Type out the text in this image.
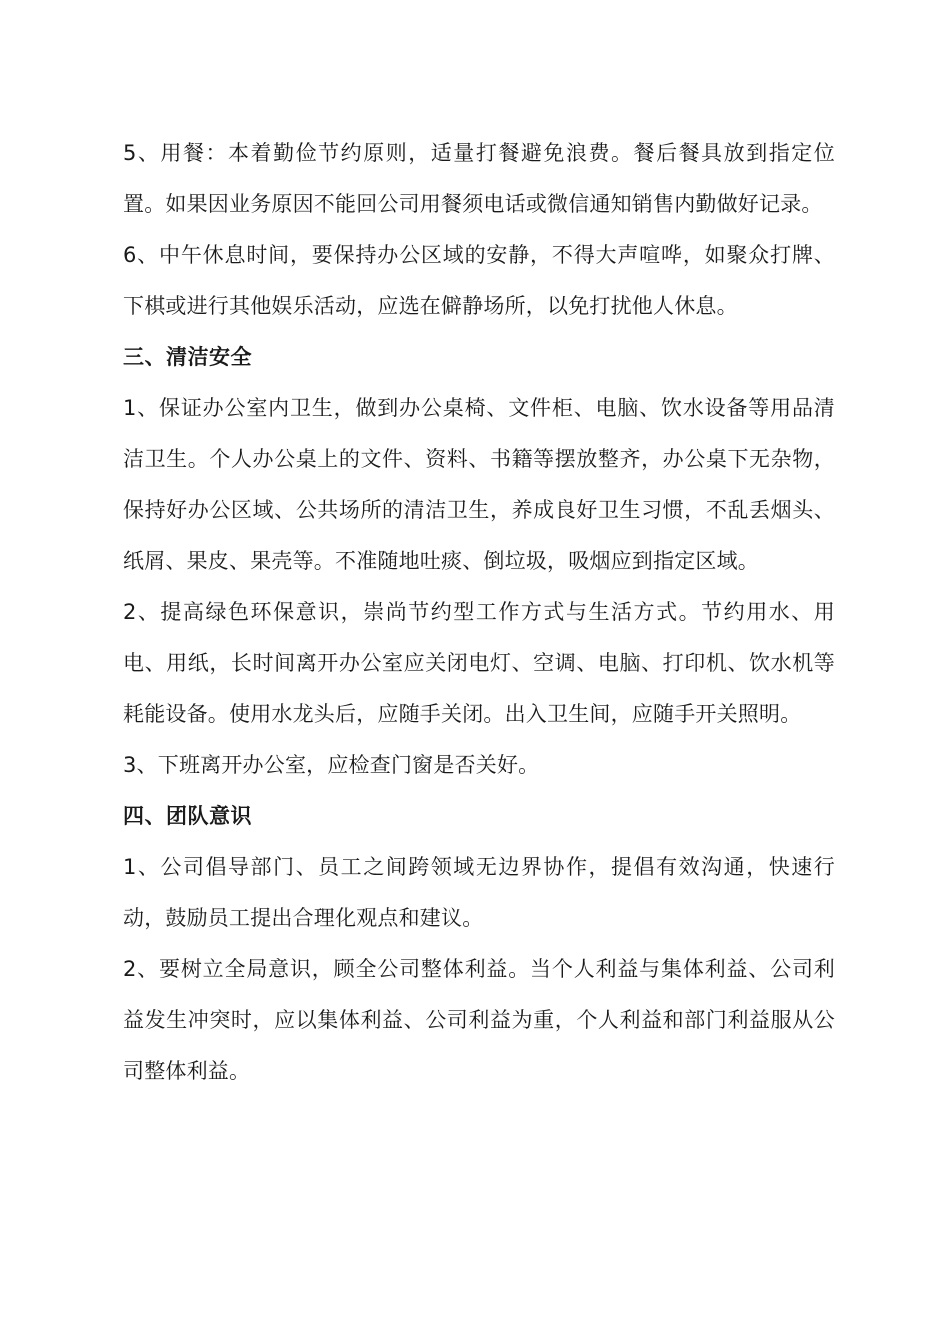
5、用餐：本着勤俭节约原则，适量打餐避免浪费。餐后餐具放到指定位置。如果因业务原因不能回公司用餐须电话或微信通知销售内勤做好记录。

6、中午休息时间，要保持办公区域的安静，不得大声喧哗，如聚众打牌、下棋或进行其他娱乐活动，应选在僻静场所，以免打扰他人休息。

三、清洁安全

1、保证办公室内卫生，做到办公桌椅、文件柜、电脑、饮水设备等用品清洁卫生。个人办公桌上的文件、资料、书籍等摆放整齐，办公桌下无杂物，保持好办公区域、公共场所的清洁卫生，养成良好卫生习惯，不乱丢烟头、纸屑、果皮、果壳等。不准随地吐痰、倒垃圾，吸烟应到指定区域。

2、提高绿色环保意识，崇尚节约型工作方式与生活方式。节约用水、用电、用纸，长时间离开办公室应关闭电灯、空调、电脑、打印机、饮水机等耗能设备。使用水龙头后，应随手关闭。出入卫生间，应随手开关照明。

3、下班离开办公室，应检查门窗是否关好。

四、团队意识

1、公司倡导部门、员工之间跨领域无边界协作，提倡有效沟通，快速行动，鼓励员工提出合理化观点和建议。

2、要树立全局意识，顾全公司整体利益。当个人利益与集体利益、公司利益发生冲突时，应以集体利益、公司利益为重，个人利益和部门利益服从公司整体利益。
